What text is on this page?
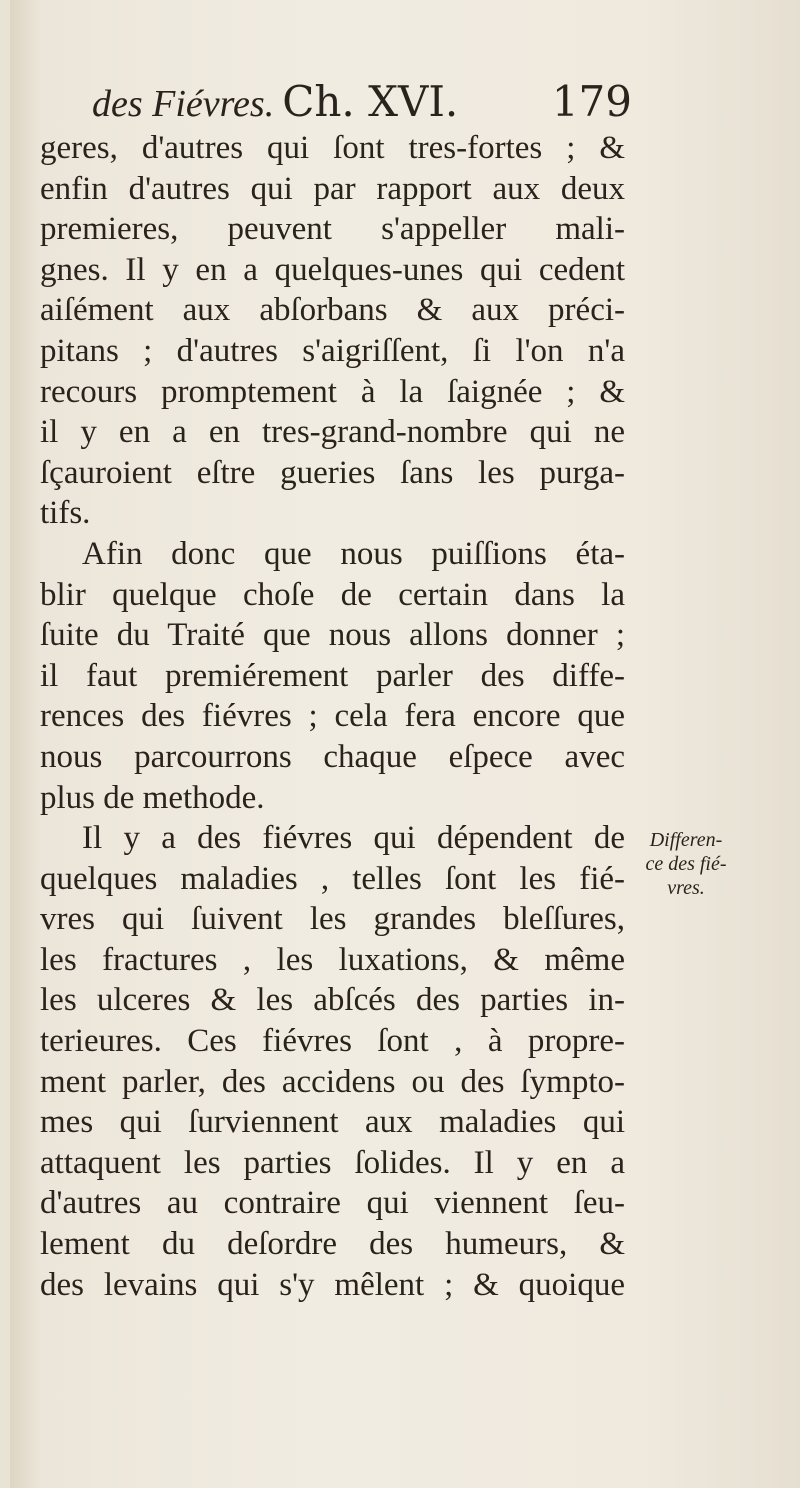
des Fiévres. Ch. XVI. 179
geres, d'autres qui ſont tres-fortes ; &
enfin d'autres qui par rapport aux deux
premieres, peuvent s'appeller mali-
gnes. Il y en a quelques-unes qui cedent
aiſément aux abſorbans & aux préci-
pitans ; d'autres s'aigriſſent, ſi l'on n'a
recours promptement à la ſaignée ; &
il y en a en tres-grand-nombre qui ne
ſçauroient eſtre gueries ſans les purga-
tifs.
Afin donc que nous puiſſions éta-
blir quelque choſe de certain dans la
ſuite du Traité que nous allons donner ;
il faut premiérement parler des diffe-
rences des fiévres ; cela fera encore que
nous parcourrons chaque eſpece avec
plus de methode.
Il y a des fiévres qui dépendent de
quelques maladies , telles ſont les fié-
vres qui ſuivent les grandes bleſſures,
les fractures , les luxations, & même
les ulceres & les abſcés des parties in-
terieures. Ces fiévres ſont , à propre-
ment parler, des accidens ou des ſympto-
mes qui ſurviennent aux maladies qui
attaquent les parties ſolides. Il y en a
d'autres au contraire qui viennent ſeu-
lement du deſordre des humeurs, &
des levains qui s'y mêlent ; & quoique
Differen-
ce des fié-
vres.
